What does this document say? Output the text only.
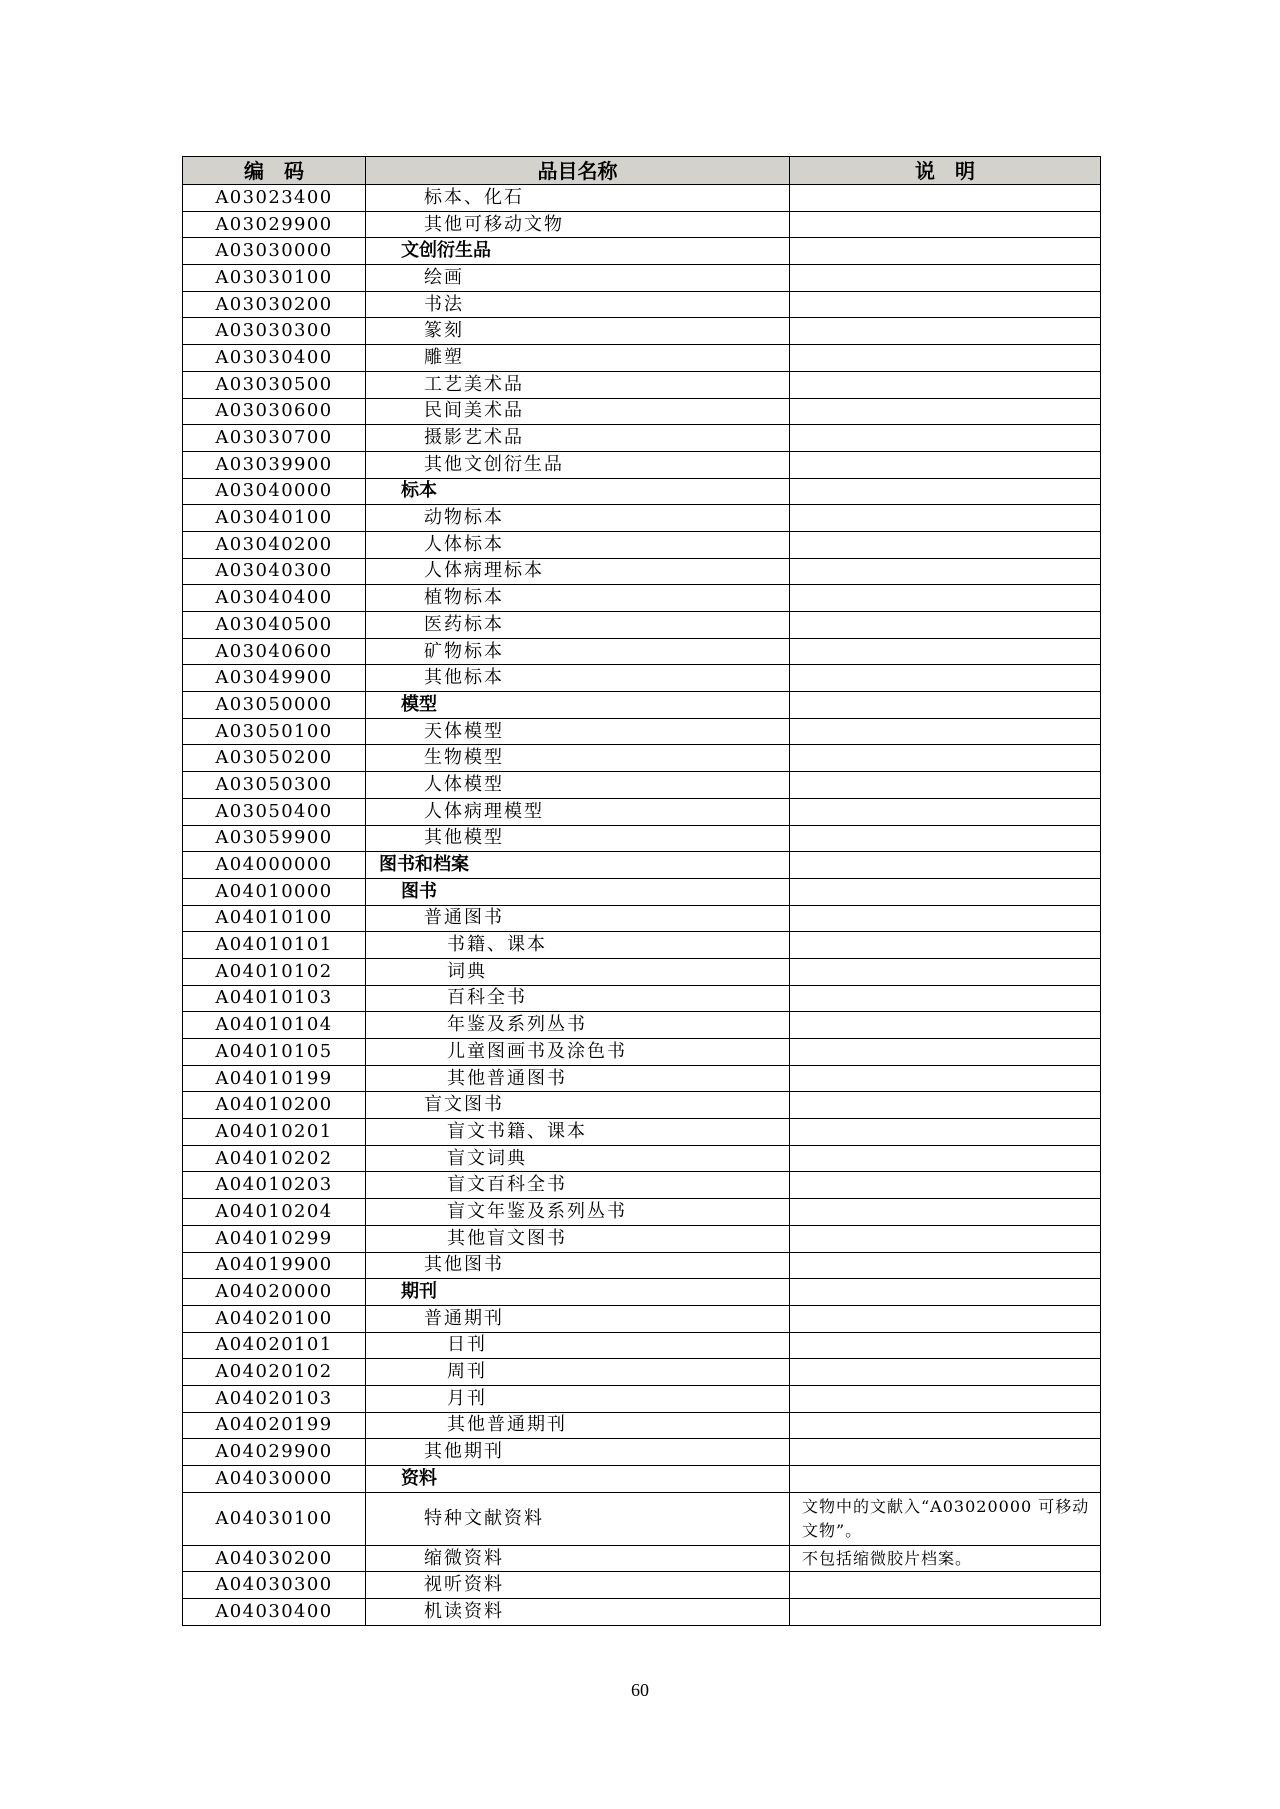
编　码	品目名称	说　明
A03023400	标本、化石	
A03029900	其他可移动文物	
A03030000	文创衍生品	
A03030100	绘画	
A03030200	书法	
A03030300	篆刻	
A03030400	雕塑	
A03030500	工艺美术品	
A03030600	民间美术品	
A03030700	摄影艺术品	
A03039900	其他文创衍生品	
A03040000	标本	
A03040100	动物标本	
A03040200	人体标本	
A03040300	人体病理标本	
A03040400	植物标本	
A03040500	医药标本	
A03040600	矿物标本	
A03049900	其他标本	
A03050000	模型	
A03050100	天体模型	
A03050200	生物模型	
A03050300	人体模型	
A03050400	人体病理模型	
A03059900	其他模型	
A04000000	图书和档案	
A04010000	图书	
A04010100	普通图书	
A04010101	书籍、课本	
A04010102	词典	
A04010103	百科全书	
A04010104	年鉴及系列丛书	
A04010105	儿童图画书及涂色书	
A04010199	其他普通图书	
A04010200	盲文图书	
A04010201	盲文书籍、课本	
A04010202	盲文词典	
A04010203	盲文百科全书	
A04010204	盲文年鉴及系列丛书	
A04010299	其他盲文图书	
A04019900	其他图书	
A04020000	期刊	
A04020100	普通期刊	
A04020101	日刊	
A04020102	周刊	
A04020103	月刊	
A04020199	其他普通期刊	
A04029900	其他期刊	
A04030000	资料	
A04030100	特种文献资料	文物中的文献入“A03020000 可移动文物”。
A04030200	缩微资料	不包括缩微胶片档案。
A04030300	视听资料	
A04030400	机读资料	
60
